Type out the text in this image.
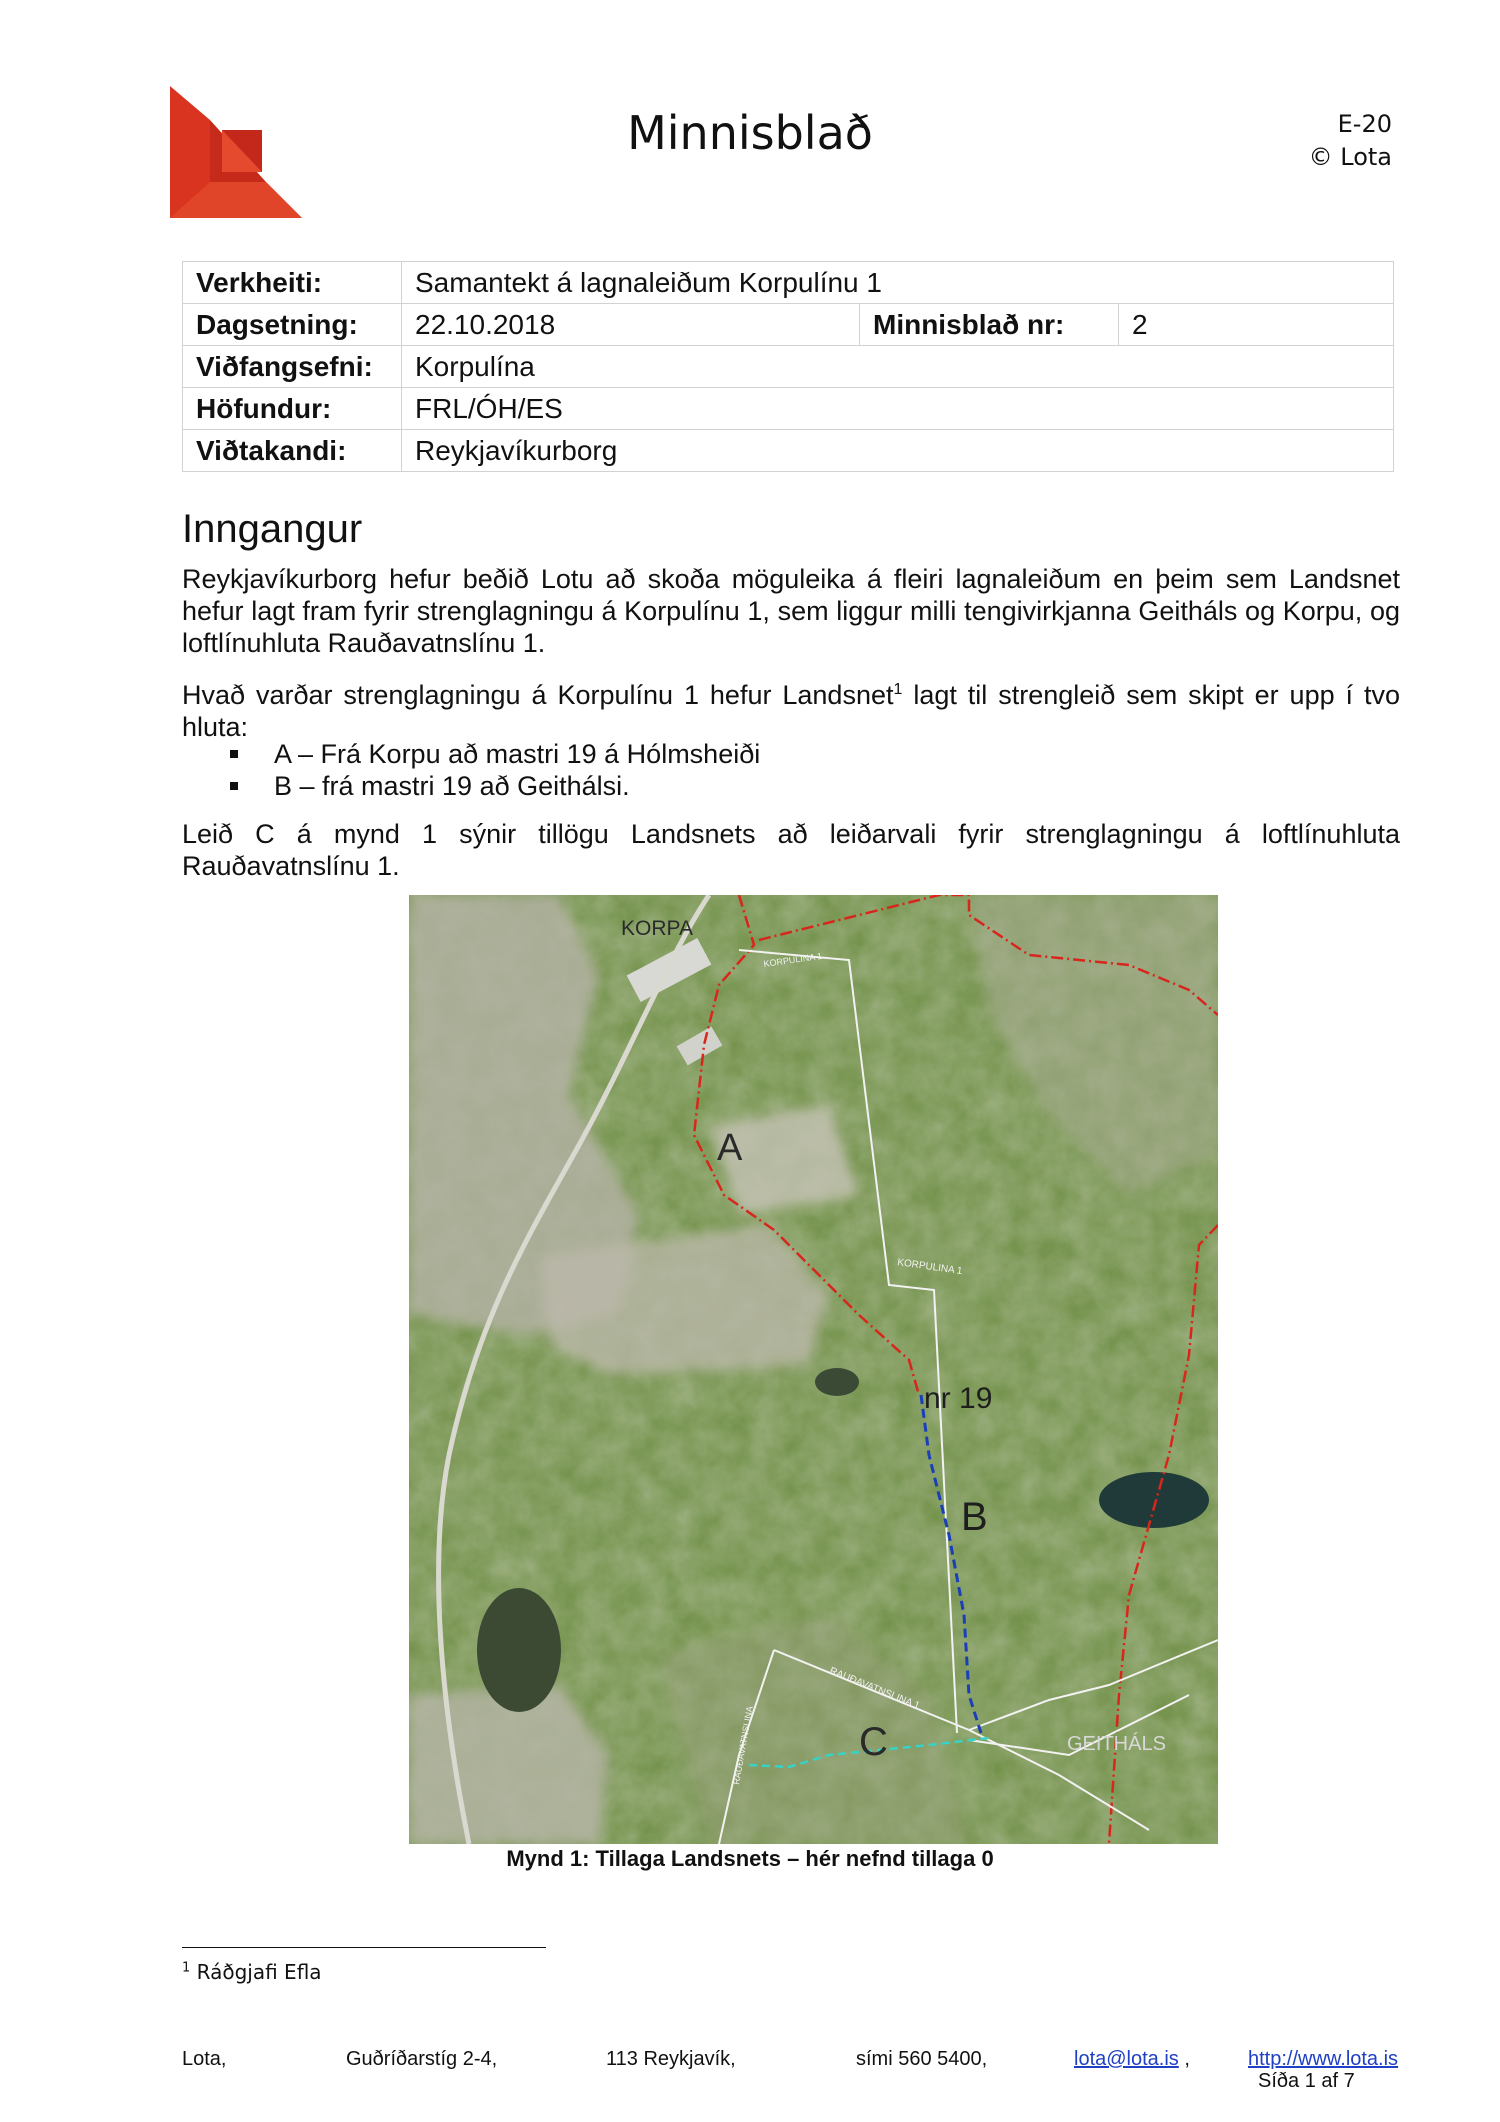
Minnisblað	E-20
© Lota
Verkheiti:	Samantekt á lagnaleiðum Korpulínu 1		
Dagsetning:	22.10.2018	Minnisblað nr:	2
Viðfangsefni:	Korpulína		
Höfundur:	FRL/ÓH/ES		
Viðtakandi:	Reykjavíkurborg		
Inngangur
Reykjavíkurborg hefur beðið Lotu að skoða möguleika á fleiri lagnaleiðum en þeim sem Landsnet hefur lagt fram fyrir strenglagningu á Korpulínu 1, sem liggur milli tengivirkjanna Geitháls og Korpu, og loftlínuhluta Rauðavatnslínu 1.
Hvað varðar strenglagningu á Korpulínu 1 hefur Landsnet$^1$ lagt til strengleið sem skipt er upp í tvo hluta:
A – Frá Korpu að mastri 19 á Hólmsheiði
B – frá mastri 19 að Geithálsi.
Leið C á mynd 1 sýnir tillögu Landsnets að leiðarvali fyrir strenglagningu á loftlínuhluta Rauðavatnslínu 1.
KORPA
KORPULINA 1
KORPULINA 1
A
nr 19
B
C	GEITHÁLS
RAUÐAVATNSLINA 1
RAUÐAVATNSLINA
Mynd 1: Tillaga Landsnets – hér nefnd tillaga 0
$^1$ Ráðgjafi Efla
Lota,	Guðríðarstíg 2-4,	113 Reykjavík,	sími 560 5400,	lota@lota.is ,	http://www.lota.is
Síða 1 af 7
